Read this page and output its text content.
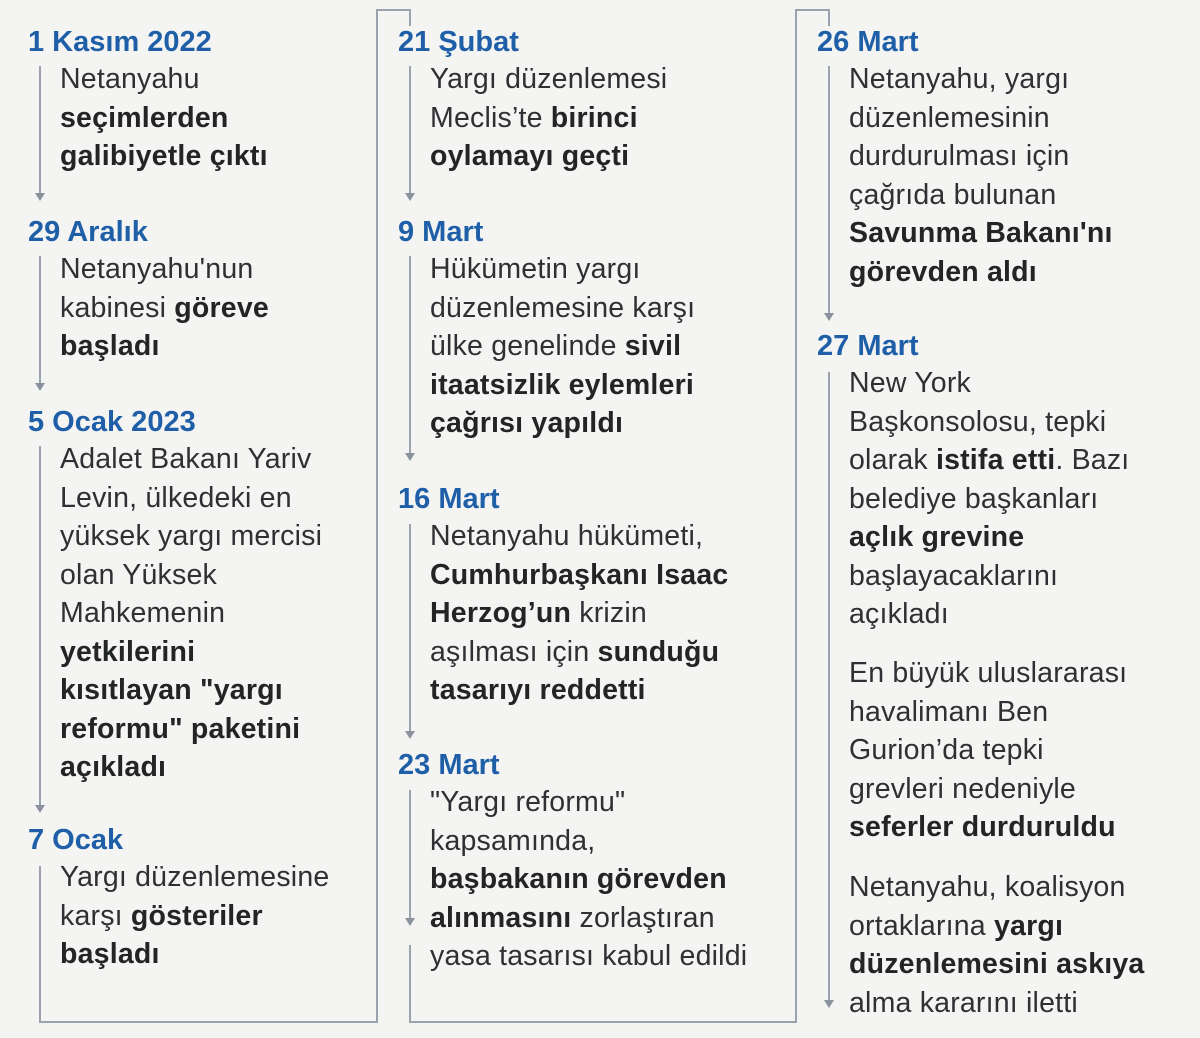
1 Kasım 2022
Netanyahu
seçimlerden
galibiyetle çıktı
29 Aralık
Netanyahu'nun
kabinesi göreve
başladı
5 Ocak 2023
Adalet Bakanı Yariv
Levin, ülkedeki en
yüksek yargı mercisi
olan Yüksek
Mahkemenin
yetkilerini
kısıtlayan "yargı
reformu" paketini
açıkladı
7 Ocak
Yargı düzenlemesine
karşı gösteriler
başladı
21 Şubat
Yargı düzenlemesi
Meclis’te birinci
oylamayı geçti
9 Mart
Hükümetin yargı
düzenlemesine karşı
ülke genelinde sivil
itaatsizlik eylemleri
çağrısı yapıldı
16 Mart
Netanyahu hükümeti,
Cumhurbaşkanı Isaac
Herzog’un krizin
aşılması için sunduğu
tasarıyı reddetti
23 Mart
"Yargı reformu"
kapsamında,
başbakanın görevden
alınmasını zorlaştıran
yasa tasarısı kabul edildi
26 Mart
Netanyahu, yargı
düzenlemesinin
durdurulması için
çağrıda bulunan
Savunma Bakanı'nı
görevden aldı
27 Mart
New York
Başkonsolosu, tepki
olarak istifa etti. Bazı
belediye başkanları
açlık grevine
başlayacaklarını
açıkladı
En büyük uluslararası
havalimanı Ben
Gurion’da tepki
grevleri nedeniyle
seferler durduruldu
Netanyahu, koalisyon
ortaklarına yargı
düzenlemesini askıya
alma kararını iletti
